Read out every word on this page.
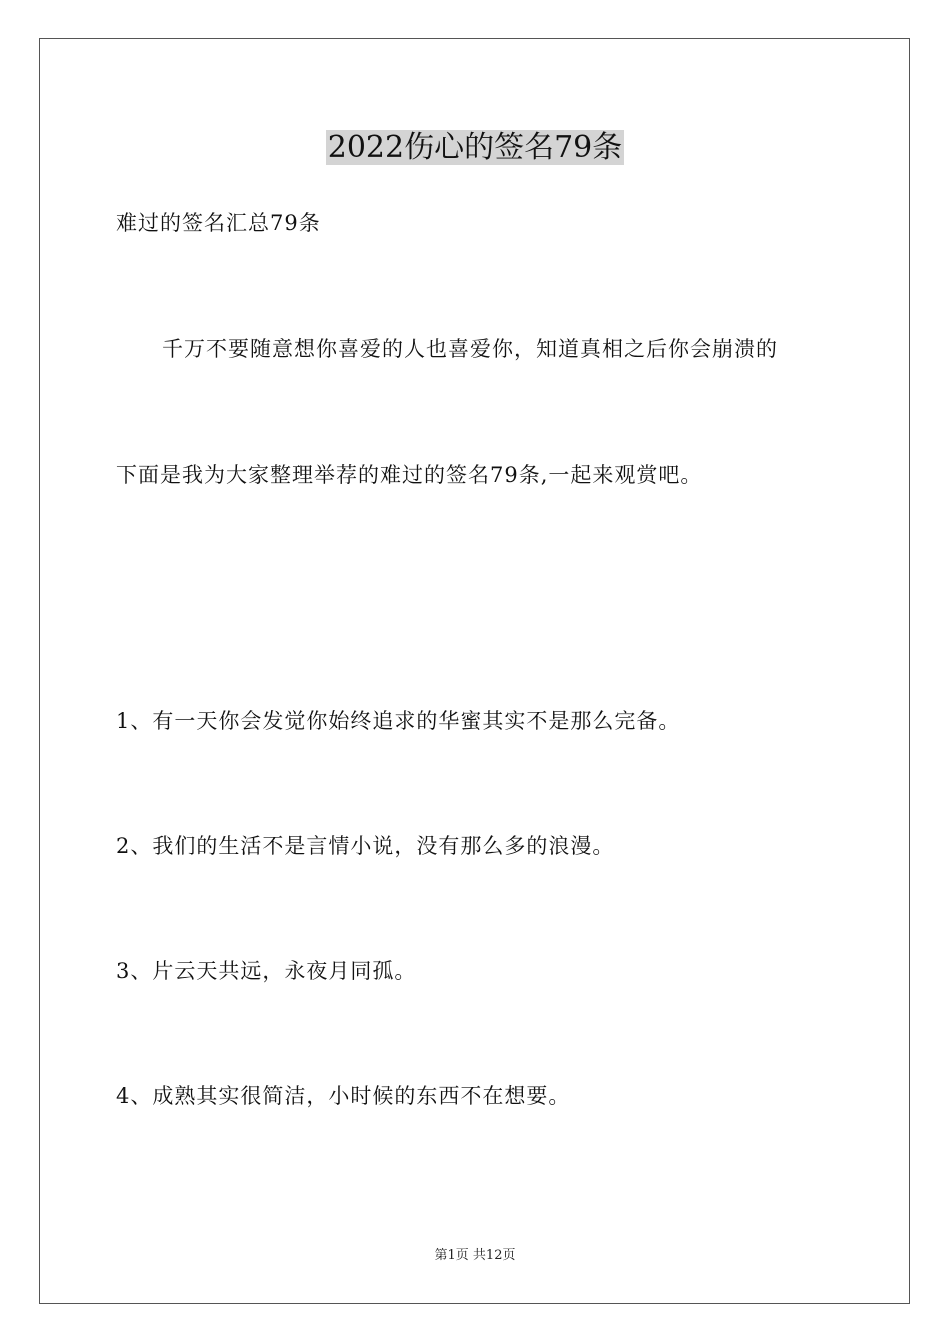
2022伤心的签名79条
难过的签名汇总79条
千万不要随意想你喜爱的人也喜爱你，知道真相之后你会崩溃的
下面是我为大家整理举荐的难过的签名79条,一起来观赏吧。
1、有一天你会发觉你始终追求的华蜜其实不是那么完备。
2、我们的生活不是言情小说，没有那么多的浪漫。
3、片云天共远，永夜月同孤。
4、成熟其实很简洁，小时候的东西不在想要。
第1页 共12页
